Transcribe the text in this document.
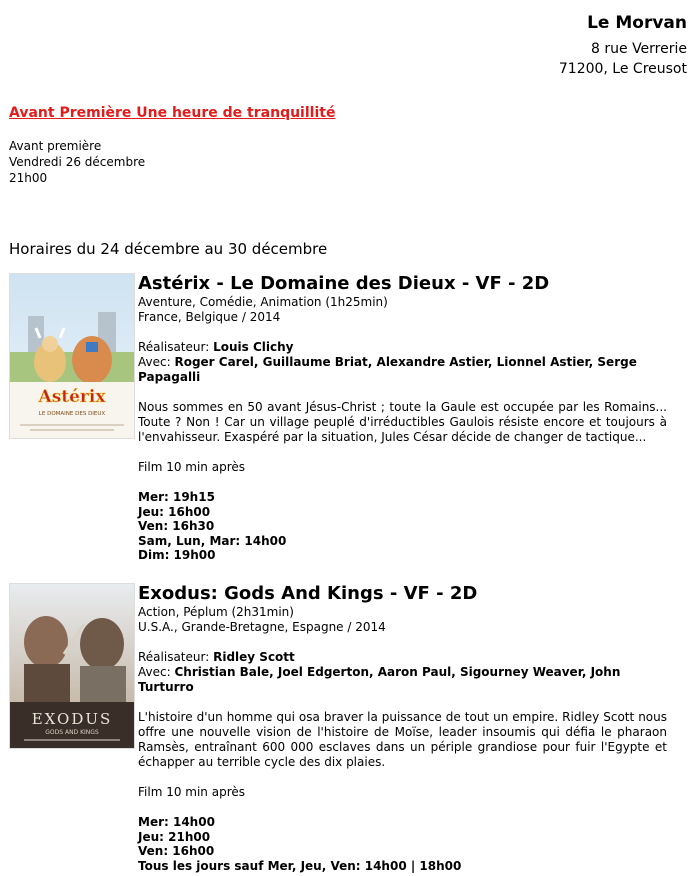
Le Morvan
8 rue Verrerie
71200, Le Creusot
Avant Première Une heure de tranquillité
Avant première
Vendredi 26 décembre
21h00
Horaires du 24 décembre au 30 décembre
Astérix
LE DOMAINE DES DIEUX
Astérix - Le Domaine des Dieux - VF - 2D
Aventure, Comédie, Animation (1h25min)
France, Belgique / 2014
Réalisateur: Louis Clichy
Avec: Roger Carel, Guillaume Briat, Alexandre Astier, Lionnel Astier, Serge Papagalli
Nous sommes en 50 avant Jésus-Christ ; toute la Gaule est occupée par les Romains... Toute ? Non ! Car un village peuplé d'irréductibles Gaulois résiste encore et toujours à l'envahisseur. Exaspéré par la situation, Jules César décide de changer de tactique...
Film 10 min après
Mer: 19h15
Jeu: 16h00
Ven: 16h30
Sam, Lun, Mar: 14h00
Dim: 19h00
EXODUS
GODS AND KINGS
Exodus: Gods And Kings - VF - 2D
Action, Péplum (2h31min)
U.S.A., Grande-Bretagne, Espagne / 2014
Réalisateur: Ridley Scott
Avec: Christian Bale, Joel Edgerton, Aaron Paul, Sigourney Weaver, John Turturro
L'histoire d'un homme qui osa braver la puissance de tout un empire. Ridley Scott nous offre une nouvelle vision de l'histoire de Moïse, leader insoumis qui défia le pharaon Ramsès, entraînant 600 000 esclaves dans un périple grandiose pour fuir l'Egypte et échapper au terrible cycle des dix plaies.
Film 10 min après
Mer: 14h00
Jeu: 21h00
Ven: 16h00
Tous les jours sauf Mer, Jeu, Ven: 14h00 | 18h00
